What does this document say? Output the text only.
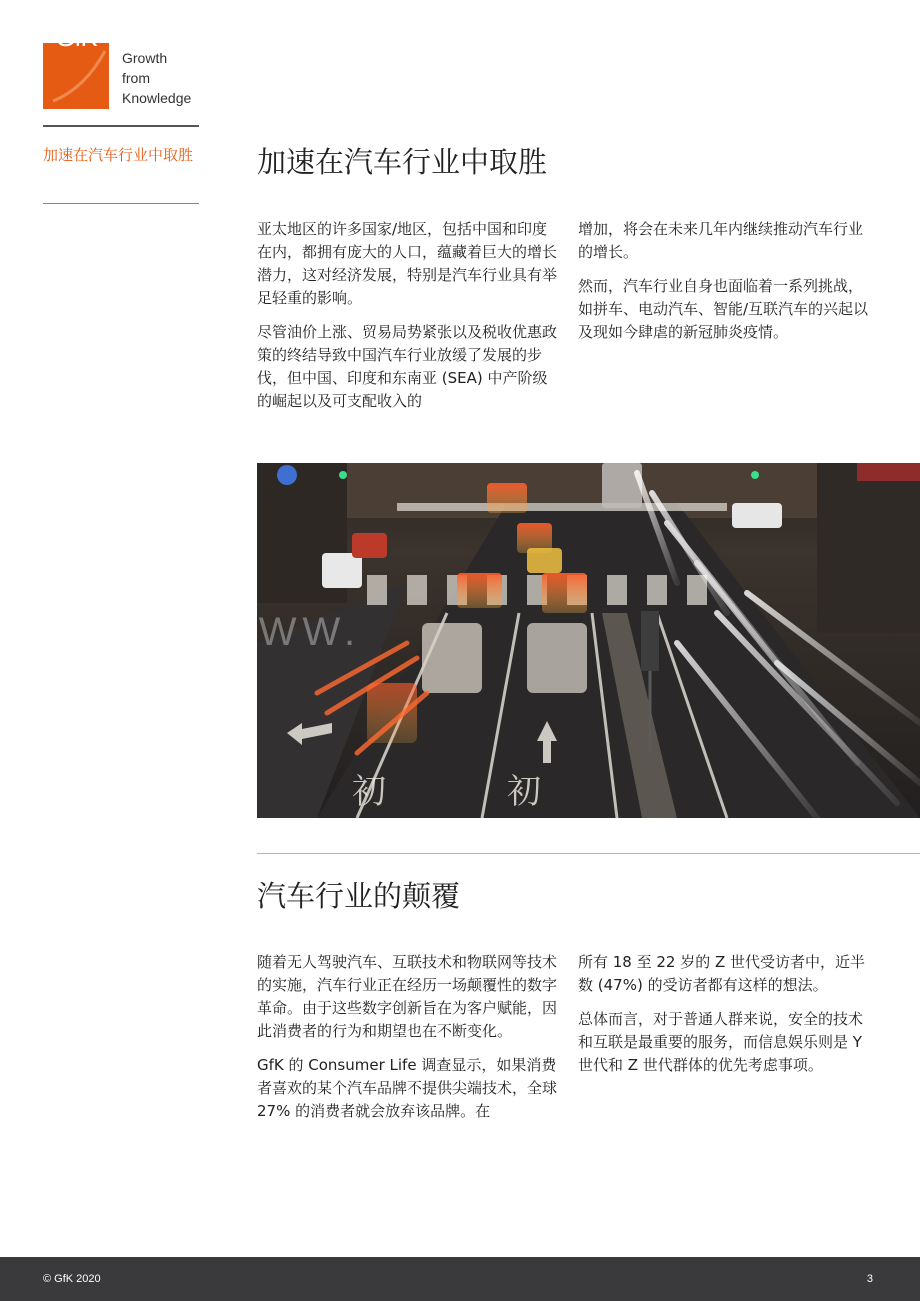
GfK
Growth
from
Knowledge
加速在汽车行业中取胜 加速在汽车行业中取胜

亚太地区的许多国家/地区，包括中国和印度在内，都拥有庞大的人口，蕴藏着巨大的增长潜力，这对经济发展，特别是汽车行业具有举足轻重的影响。

尽管油价上涨、贸易局势紧张以及税收优惠政策的终结导致中国汽车行业放缓了发展的步伐，但中国、印度和东南亚 (SEA) 中产阶级的崛起以及可支配收入的

增加，将会在未来几年内继续推动汽车行业的增长。

然而，汽车行业自身也面临着一系列挑战，如拼车、电动汽车、智能/互联汽车的兴起以及现如今肆虐的新冠肺炎疫情。

初	初
WWW.
汽车行业的颠覆

随着无人驾驶汽车、互联技术和物联网等技术的实施，汽车行业正在经历一场颠覆性的数字革命。由于这些数字创新旨在为客户赋能，因此消费者的行为和期望也在不断变化。

GfK 的 Consumer Life 调查显示，如果消费者喜欢的某个汽车品牌不提供尖端技术，全球 27% 的消费者就会放弃该品牌。在

所有 18 至 22 岁的 Z 世代受访者中，近半数 (47%) 的受访者都有这样的想法。

总体而言，对于普通人群来说，安全的技术和互联是最重要的服务，而信息娱乐则是 Y 世代和 Z 世代群体的优先考虑事项。

© GfK 2020	3
